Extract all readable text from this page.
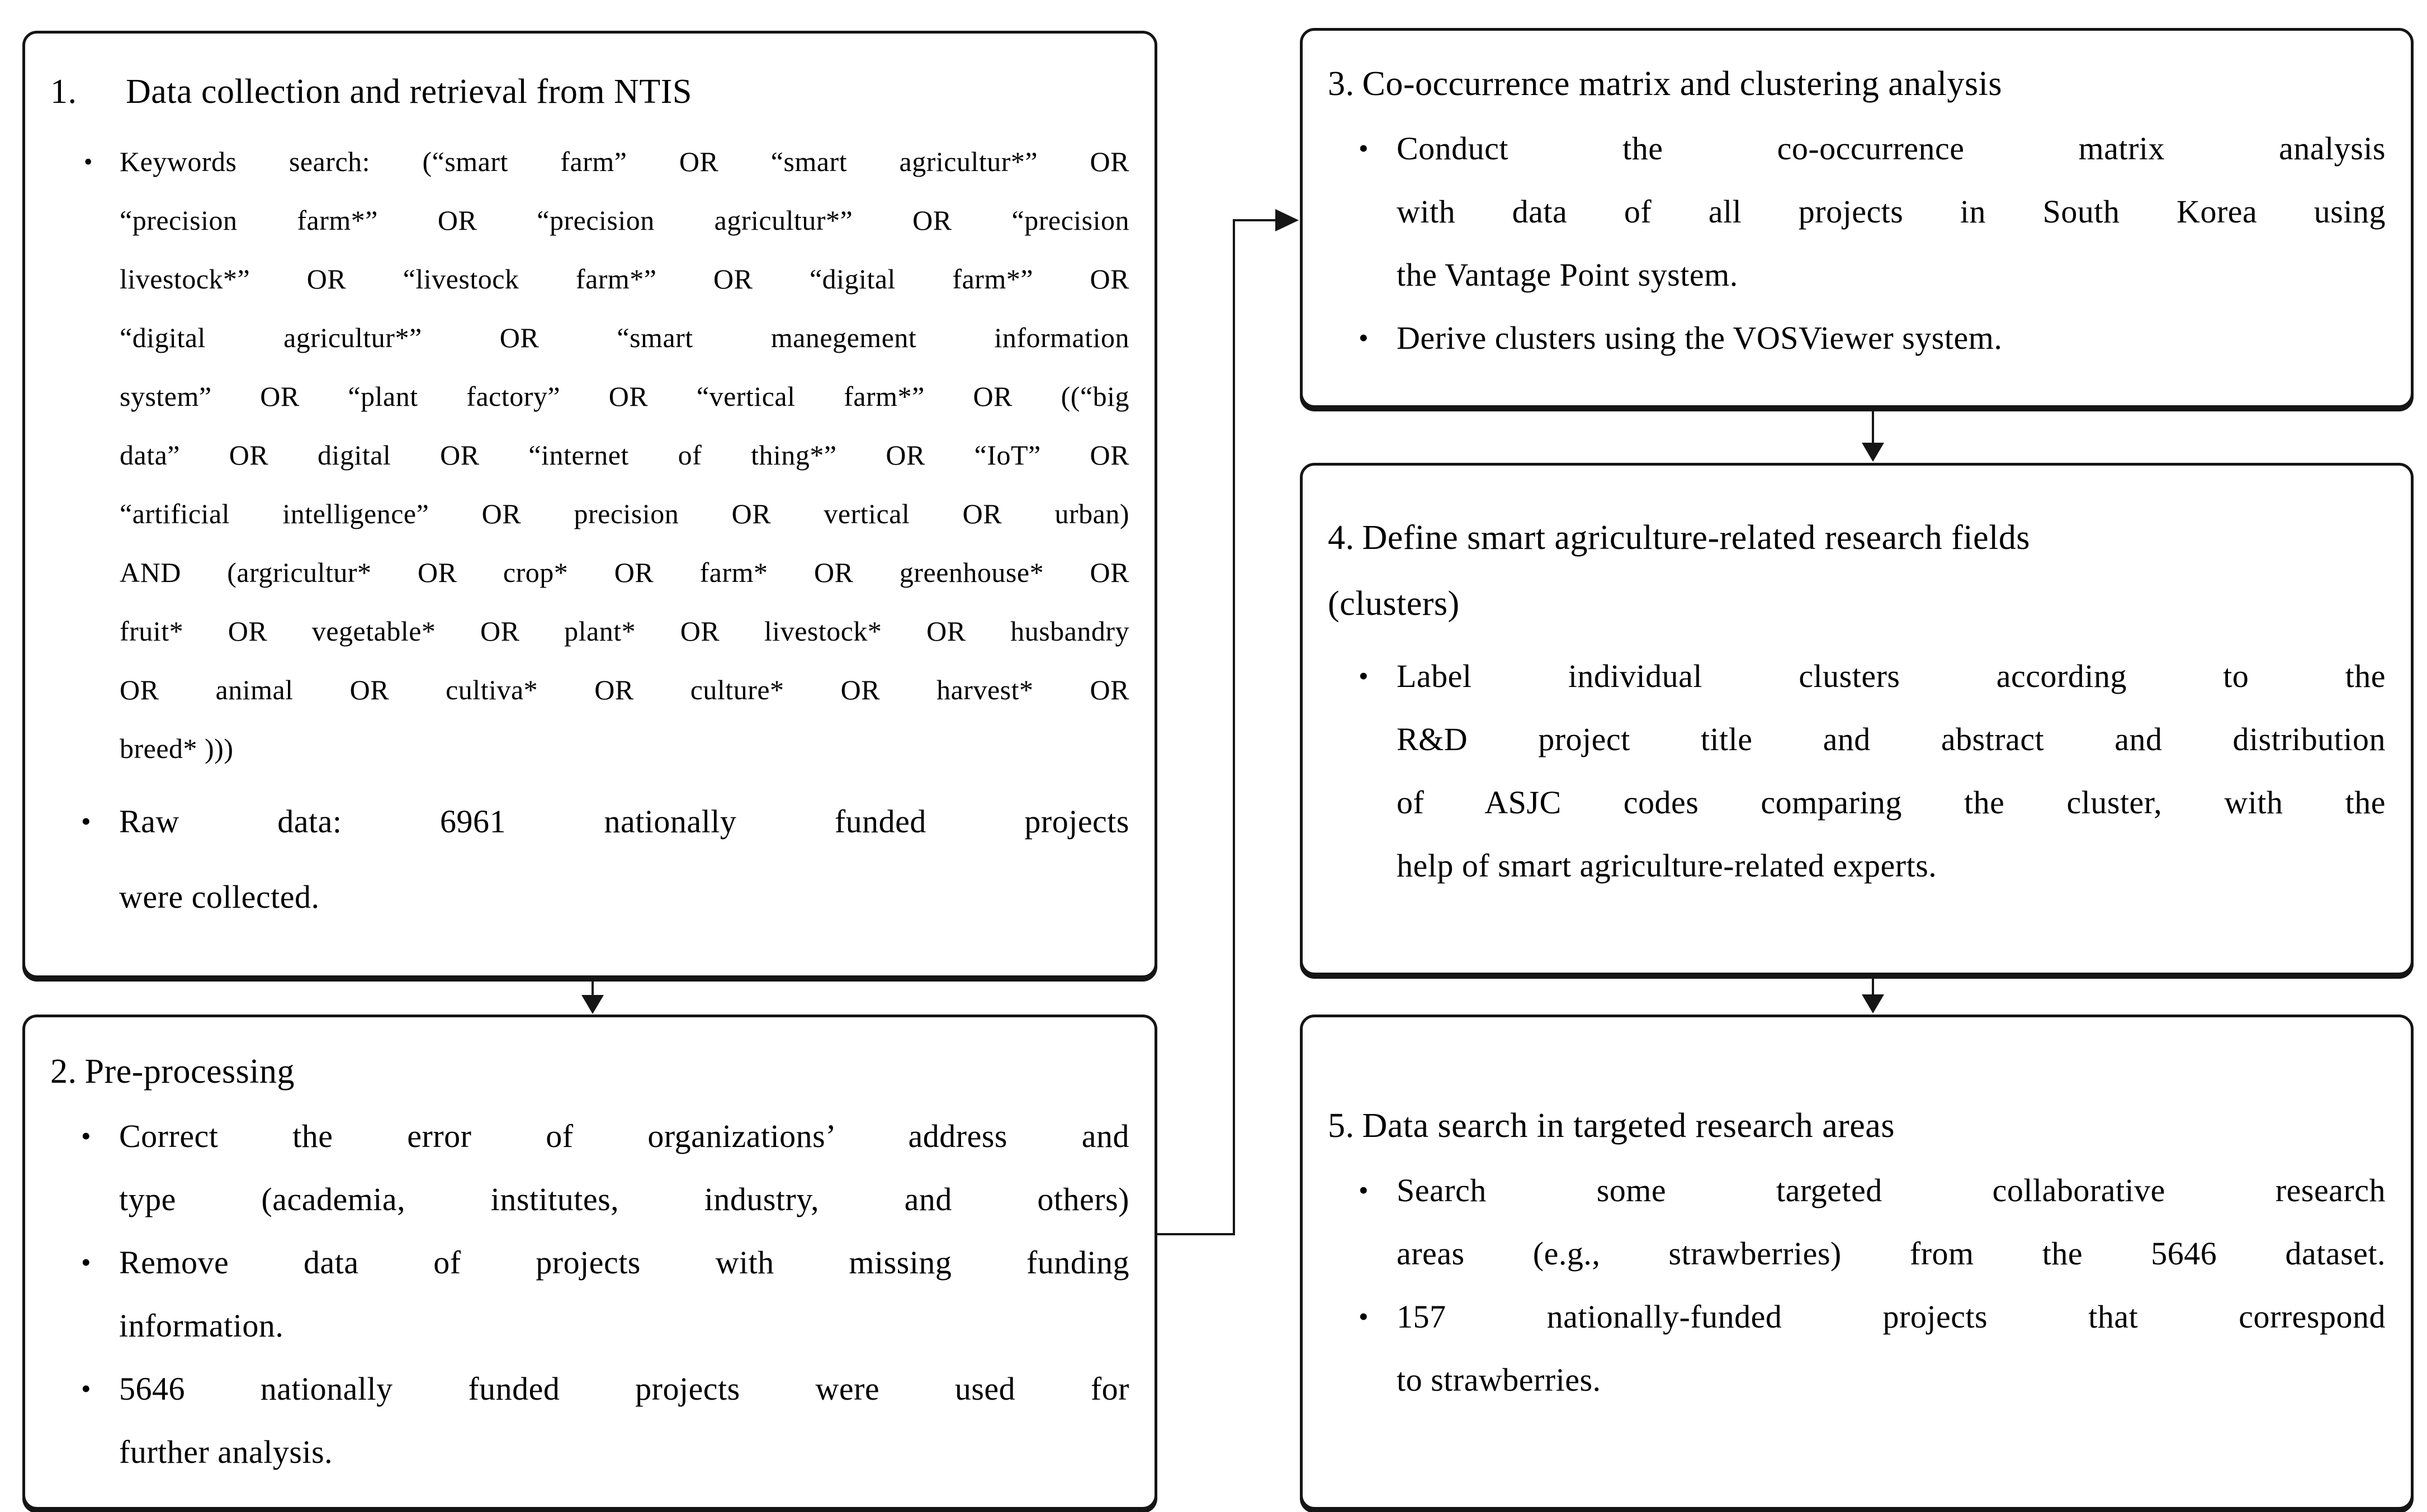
1. Data collection and retrieval from NTIS
• Keywords search: (“smart farm” OR “smart agricultur*” OR
“precision farm*” OR “precision agricultur*” OR “precision
livestock*” OR “livestock farm*” OR “digital farm*” OR
“digital agricultur*” OR “smart manegement information
system” OR “plant factory” OR “vertical farm*” OR ((“big
data” OR digital OR “internet of thing*” OR “IoT” OR
“artificial intelligence” OR precision OR vertical OR urban)
AND (argricultur* OR crop* OR farm* OR greenhouse* OR
fruit* OR vegetable* OR plant* OR livestock* OR husbandry
OR animal OR cultiva* OR culture* OR harvest* OR
breed* )))
• Raw data: 6961 nationally funded projects
were collected.
2. Pre-processing
• Correct the error of organizations’ address and
type (academia, institutes, industry, and others)
• Remove data of projects with missing funding
information.
• 5646 nationally funded projects were used for
further analysis.
3. Co-occurrence matrix and clustering analysis
• Conduct the co-occurrence matrix analysis
with data of all projects in South Korea using
the Vantage Point system.
• Derive clusters using the VOSViewer system.
4. Define smart agriculture-related research fields
(clusters)
• Label individual clusters according to the
R&D project title and abstract and distribution
of ASJC codes comparing the cluster, with the
help of smart agriculture-related experts.
5. Data search in targeted research areas
• Search some targeted collaborative research
areas (e.g., strawberries) from the 5646 dataset.
• 157 nationally-funded projects that correspond
to strawberries.
